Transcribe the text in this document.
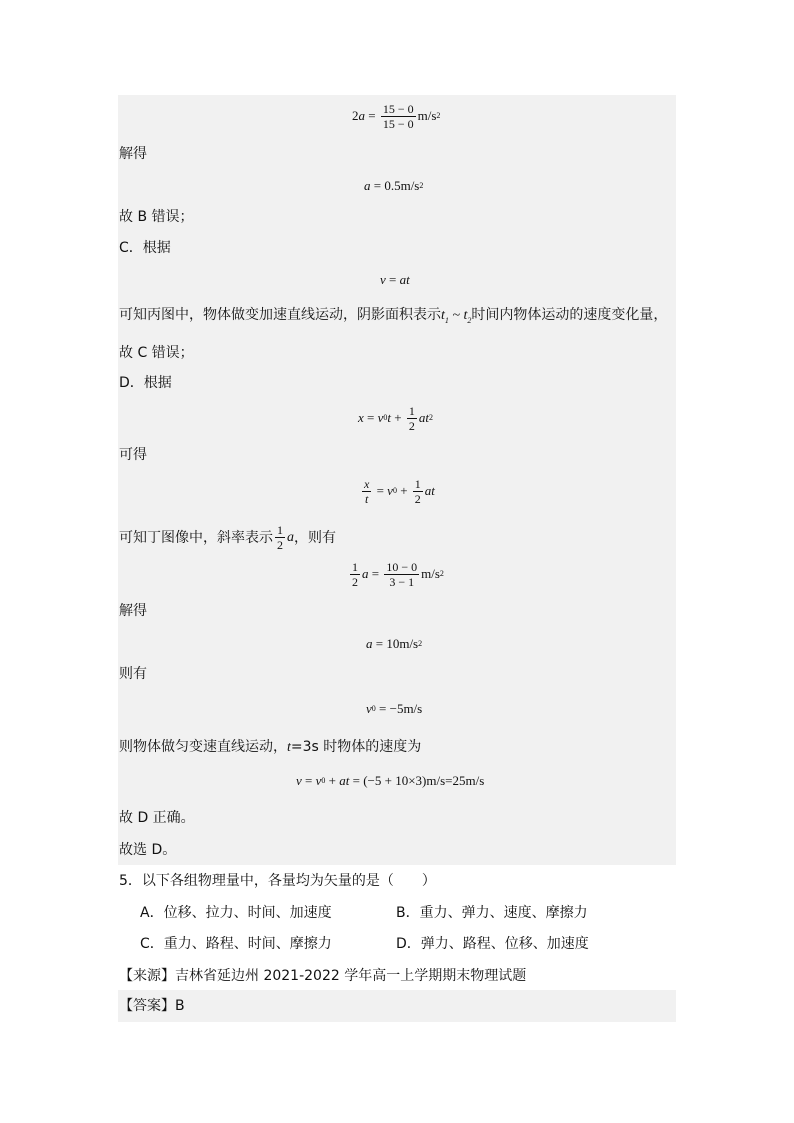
2 $a = \frac{15 - 0}{15 - 0} m/s$ 2
解得
a
= 0.5m/s 2
故 B 错误；
C．根据
v = at
可知丙图中，物体做变加速直线运动，阴影面积表示$t_1$ ~ $t_2$时间内物体运动的速度变化量，
故 C 错误；
D．根据
x = v 0 $t + \frac{1}{2}$ at 2
可得
$\frac{x}{t} = v$ $0 + \frac{1}{2}$ at
可知丁图像中，斜率表示 $\frac{1}{2}$ a ，则有
$\frac{1}{2}$ $a = \frac{10 - 0}{3 - 1} m/s$ 2
解得
a
= 10m/s 2
则有
v 0
= −5m/s
则物体做匀变速直线运动，t=3s 时物体的速度为
v = v 0 + at
= (−5 + 10×3)m/s=25m/s
故 D 正确。
故选 D。
5．以下各组物理量中，各量均为矢量的是（　　）
A．位移、拉力、时间、加速度	B．重力、弹力、速度、摩擦力
C．重力、路程、时间、摩擦力	D．弹力、路程、位移、加速度
【来源】吉林省延边州 2021-2022 学年高一上学期期末物理试题
【答案】B
